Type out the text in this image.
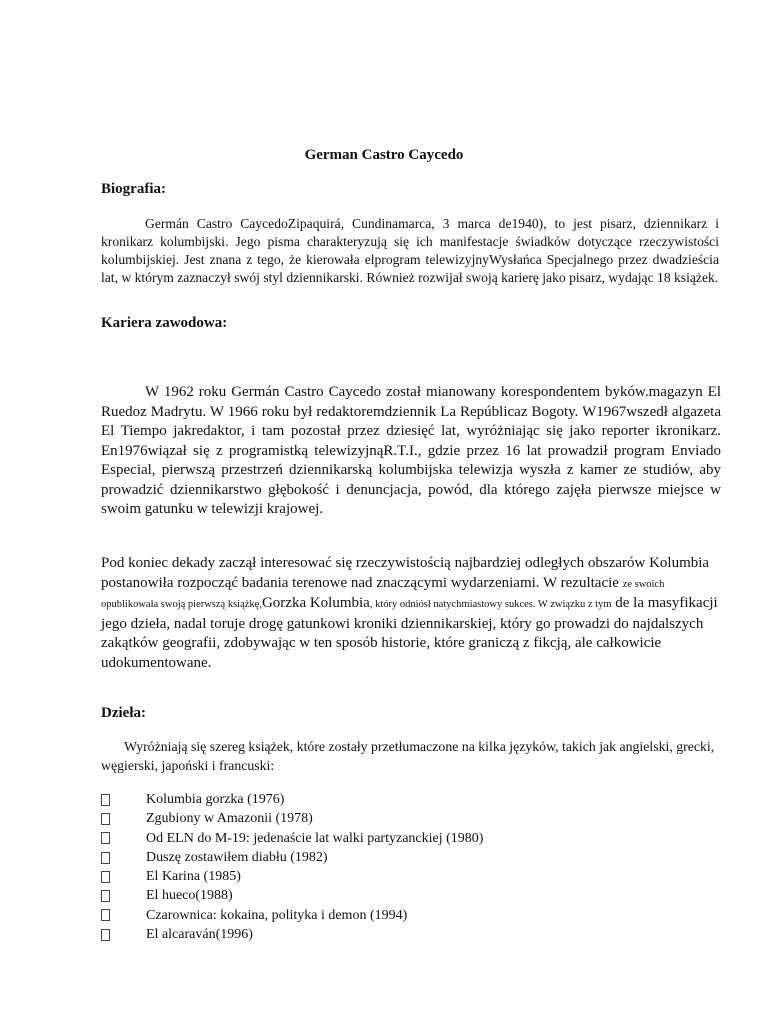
German Castro Caycedo
Biografia:
Germán Castro CaycedoZipaquirá, Cundinamarca, 3 marca de1940), to jest pisarz, dziennikarz i kronikarz kolumbijski. Jego pisma charakteryzują się ich manifestacje świadków dotyczące rzeczywistości kolumbijskiej. Jest znana z tego, że kierowała elprogram telewizyjnyWysłańca Specjalnego przez dwadzieścia lat, w którym zaznaczył swój styl dziennikarski. Również rozwijał swoją karierę jako pisarz, wydając 18 książek.
Kariera zawodowa:
W 1962 roku Germán Castro Caycedo został mianowany korespondentem byków.magazyn El Ruedoz Madrytu. W 1966 roku był redaktoremdziennik La Repúblicaz Bogoty. W1967wszedł algazeta El Tiempo jakredaktor, i tam pozostał przez dziesięć lat, wyróżniając się jako reporter ikronikarz. En1976wiązał się z programistką telewizyjnąR.T.I., gdzie przez 16 lat prowadził program Enviado Especial, pierwszą przestrzeń dziennikarską kolumbijska telewizja wyszła z kamer ze studiów, aby prowadzić dziennikarstwo głębokość i denuncjacja, powód, dla którego zajęła pierwsze miejsce w swoim gatunku w telewizji krajowej.
Pod koniec dekady zaczął interesować się rzeczywistością najbardziej odległych obszarów Kolumbia postanowiła rozpocząć badania terenowe nad znaczącymi wydarzeniami. W rezultacie ze swoich opublikowała swoją pierwszą książkę,Gorzka Kolumbia, który odniósł natychmiastowy sukces. W związku z tym de la masyfikacji jego dzieła, nadal toruje drogę gatunkowi kroniki dziennikarskiej, który go prowadzi do najdalszych zakątków geografii, zdobywając w ten sposób historie, które graniczą z fikcją, ale całkowicie udokumentowane.
Dzieła:
Wyróżniają się szereg książek, które zostały przetłumaczone na kilka języków, takich jak angielski, grecki, węgierski, japoński i francuski:
Kolumbia gorzka (1976)
Zgubiony w Amazonii (1978)
Od ELN do M-19: jedenaście lat walki partyzanckiej (1980)
Duszę zostawiłem diabłu (1982)
El Karina (1985)
El hueco(1988)
Czarownica: kokaina, polityka i demon (1994)
El alcaraván(1996)
